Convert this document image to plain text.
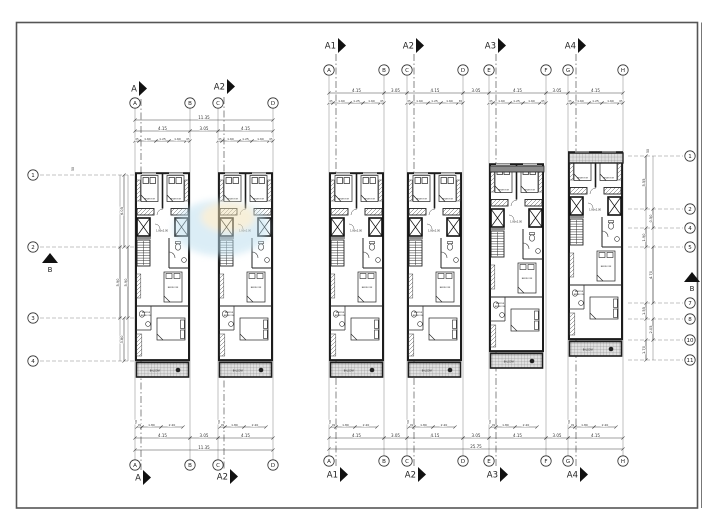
BEDROOM	BEDROOM
1.80x2.00
BEDROOM
MASTER
BEDROOM
BALCONY
BEDROOM	BEDROOM
BEDROOM
MASTER
BEDROOM
BALCONY
BEDROOM	BEDROOM
1.80x2.00
BEDROOM
MASTER
BEDROOM
BALCONY
BEDROOM	BEDROOM
1.80x2.00
BEDROOM
MASTER
BEDROOM
BALCONY
BEDROOM	BEDROOM
1.80x2.00
BEDROOM
MASTER
BEDROOM
BALCONY
BEDROOM	BEDROOM
1.80x2.00
BEDROOM
MASTER
BEDROOM
BALCONY
11.35
4.15	3.05	4.15
65 1.60	1.25	1.60 65	65 1.60	1.25	1.60 65
4.15	3.05	4.15	3.05	4.15	3.05	4.15
65 1.60	1.25	1.60 65	65 1.60	1.25	1.60 65	65 1.60	1.25	1.60	65	65 1.60	1.25	1.60 65
4.15	3.05	4.15
11.35
09 1.80	2.20	09 1.80	2.20
4.15	3.05	4.15	3.05	4.15	3.05	4.15
25.75
09 1.80	2.20	09 1.80	2.20	09 1.80	2.20	09 1.80	2.20
6.05
5.90 5.90
3.80
5.55
0.50
1.90
4.70
1.55
2.05
1.70
50
50
50	50	50	50	50	50
A	B	C	D
A	B	C	D
A	B	C	D	E	F	G	H
A	B	C	D	E	F	G	H
1
2
3
4
1
2
4
5
7
8
10
11
A	A2
A1	A2	A3	A4
A	A2	A1	A2	A3	A4
B
B
